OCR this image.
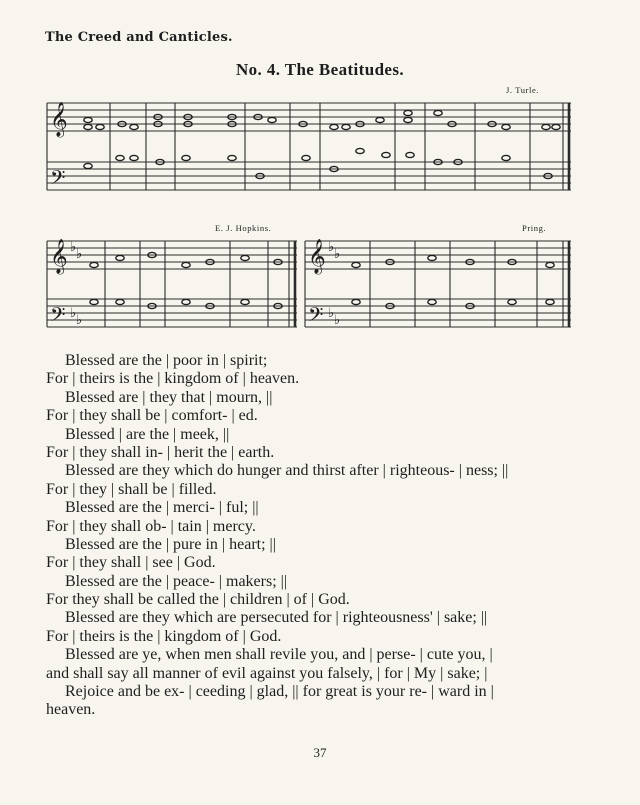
The Creed and Canticles.
No. 4. The Beatitudes.
J. Turle.
E. J. Hopkins.	Pring.
𝄞
𝄢
𝄞
𝄢
𝄞
𝄢
♭ ♭
♭ ♭
♭ ♭
♭ ♭
Blessed are the | poor in | spirit;
For | theirs is the | kingdom of | heaven.
Blessed are | they that | mourn, ||
For | they shall be | comfort- | ed.
Blessed | are the | meek, ||
For | they shall in- | herit the | earth.
Blessed are they which do hunger and thirst after | righteous- | ness; ||
For | they | shall be | filled.
Blessed are the | merci- | ful; ||
For | they shall ob- | tain | mercy.
Blessed are the | pure in | heart; ||
For | they shall | see | God.
Blessed are the | peace- | makers; ||
For they shall be called the | children | of | God.
Blessed are they which are persecuted for | righteousness' | sake; ||
For | theirs is the | kingdom of | God.
Blessed are ye, when men shall revile you, and | perse- | cute you, |
and shall say all manner of evil against you falsely, | for | My | sake; |
Rejoice and be ex- | ceeding | glad, || for great is your re- | ward in |
heaven.
37
